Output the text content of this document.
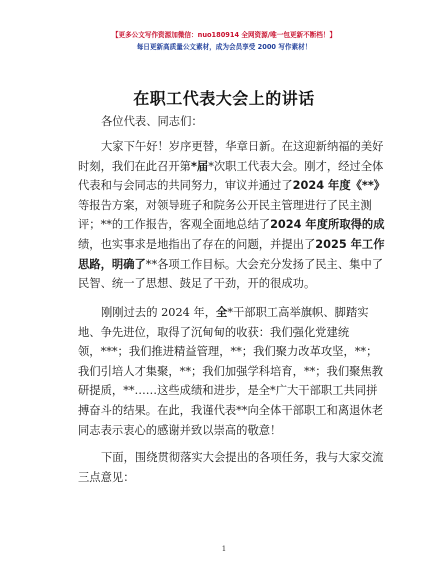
【更多公文写作资源加微信：nuo180914 全网资源/唯一包更新不断档！】
每日更新高质量公文素材，成为会员享受 2000 写作素材！
在职工代表大会上的讲话
各位代表、同志们：
大家下午好！岁序更替，华章日新。在这迎新纳福的美好
时刻，我们在此召开第*届*次职工代表大会。刚才，经过全体
代表和与会同志的共同努力，审议并通过了2024 年度《**》
等报告方案，对领导班子和院务公开民主管理进行了民主测
评；**的工作报告，客观全面地总结了2024 年度所取得的成
绩，也实事求是地指出了存在的问题，并提出了2025 年工作
思路，明确了**各项工作目标。大会充分发扬了民主、集中了
民智、统一了思想、鼓足了干劲，开的很成功。
刚刚过去的 2024 年，全*干部职工高举旗帜、脚踏实
地、争先进位，取得了沉甸甸的收获：我们强化党建统
领，***；我们推进精益管理，**；我们聚力改革攻坚，**；
我们引培人才集聚，**；我们加强学科培育，**；我们聚焦教
研提质，**……这些成绩和进步，是全*广大干部职工共同拼
搏奋斗的结果。在此，我谨代表**向全体干部职工和离退休老
同志表示衷心的感谢并致以崇高的敬意！
下面，围绕贯彻落实大会提出的各项任务，我与大家交流
三点意见：
1
